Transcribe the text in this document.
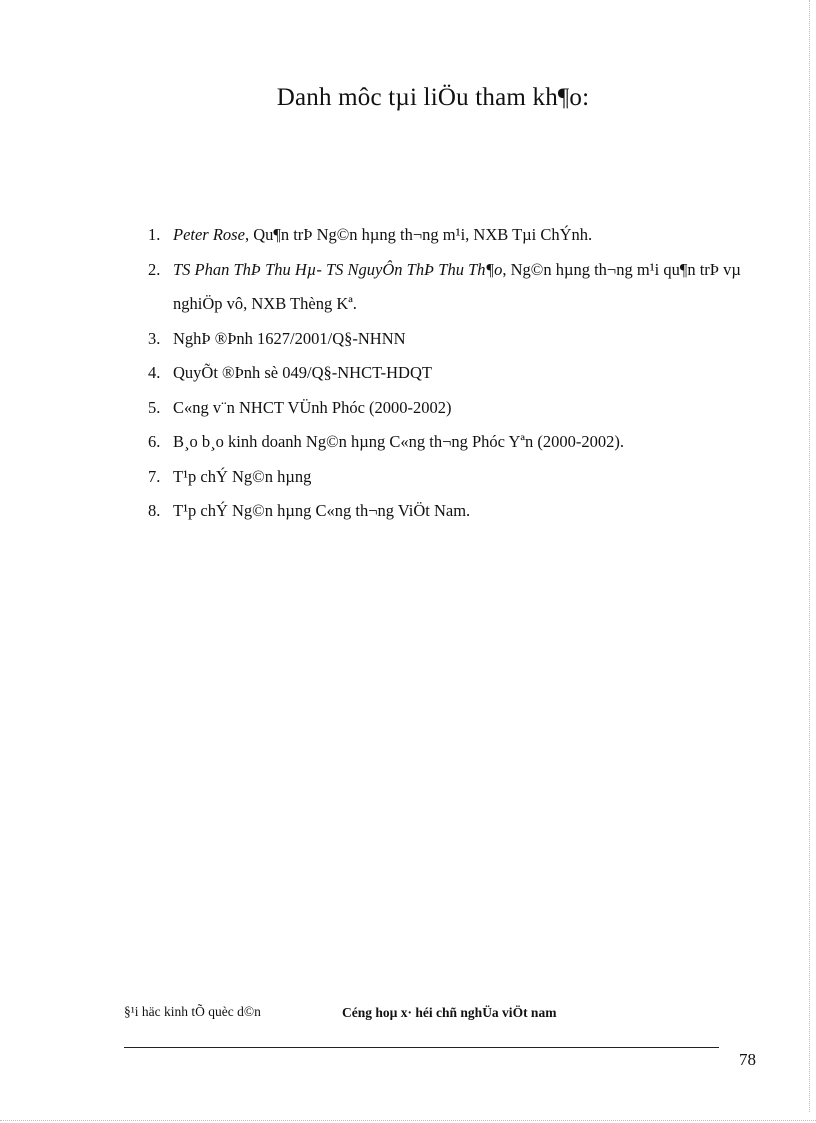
Danh môc tµi liÖu tham kh¶o:
1. Peter Rose, Qu¶n trÞ Ng©n hµng th¬ng m¹i, NXB Tµi ChÝnh.
2. TS Phan ThÞ Thu Hµ- TS NguyÔn ThÞ Thu Th¶o, Ng©n hµng th¬ng m¹i qu¶n trÞ vµ nghiÖp vô, NXB Thèng Kª.
3. NghÞ ®Þnh 1627/2001/Q§-NHNN
4. QuyÕt ®Þnh sè 049/Q§-NHCT-HDQT
5. C«ng v¨n NHCT VÜnh Phóc (2000-2002)
6. B¸o b¸o kinh doanh Ng©n hµng C«ng th¬ng Phóc Yªn (2000-2002).
7. T¹p chÝ Ng©n hµng
8. T¹p chÝ Ng©n hµng C«ng th¬ng ViÖt Nam.
§¹i häc kinh tÕ quèc d©n	Céng hoµ x· héi chñ nghÜa viÖt nam
78
